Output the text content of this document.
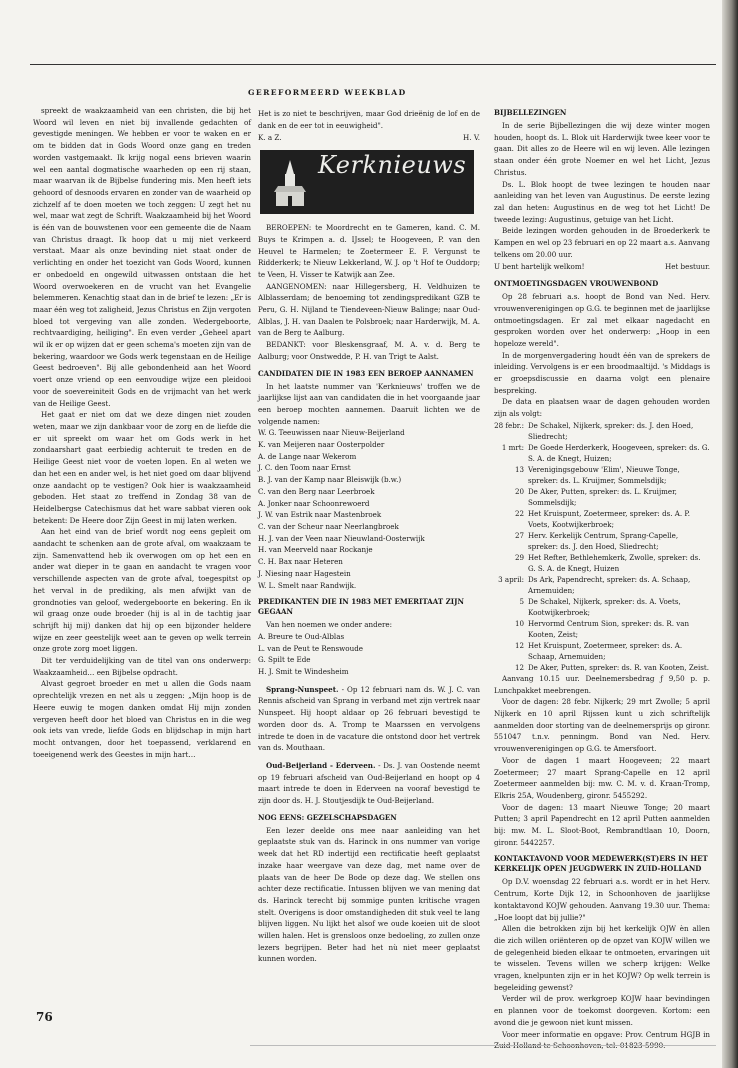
GEREFORMEERD WEEKBLAD

spreekt de waakzaamheid van een christen, die bij het Woord wil leven en niet bij invallende gedachten of gevestigde meningen. We hebben er voor te waken en er om te bidden dat in Gods Woord onze gang en treden worden vastgemaakt. Ik krijg nogal eens brieven waarin wel een aantal dogmatische waarheden op een rij staan, maar waarvan ik de Bijbelse fundering mis. Men heeft iets gehoord of desnoods ervaren en zonder van de waarheid op zichzelf af te doen moeten we toch zeggen: U zegt het nu wel, maar wat zegt de Schrift. Waakzaamheid bij het Woord is één van de bouwstenen voor een gemeente die de Naam van Christus draagt. Ik hoop dat u mij niet verkeerd verstaat. Maar als onze bevinding niet staat onder de verlichting en onder het toezicht van Gods Woord, kunnen er onbedoeld en ongewild uitwassen ontstaan die het Woord overwoekeren en de vrucht van het Evangelie belemmeren. Kenachtig staat dan in de brief te lezen: „Er is maar één weg tot zaligheid, Jezus Christus en Zijn vergoten bloed tot vergeving van alle zonden. Wedergeboorte, rechtvaardiging, heiliging". En even verder „Geheel apart wil ik er op wijzen dat er geen schema's moeten zijn van de bekering, waardoor we Gods werk tegenstaan en de Heilige Geest bedroeven". Bij alle gebondenheid aan het Woord voert onze vriend op een eenvoudige wijze een pleidooi voor de soevereiniteit Gods en de vrijmacht van het werk van de Heilige Geest.

Het gaat er niet om dat we deze dingen niet zouden weten, maar we zijn dankbaar voor de zorg en de liefde die er uit spreekt om waar het om Gods werk in het zondaarshart gaat eerbiedig achteruit te treden en de Heilige Geest niet voor de voeten lopen. En al weten we dan het een en ander wel, is het niet goed om daar blijvend onze aandacht op te vestigen? Ook hier is waakzaamheid geboden. Het staat zo treffend in Zondag 38 van de Heidelbergse Catechismus dat het ware sabbat vieren ook betekent: De Heere door Zijn Geest in mij laten werken.

Aan het eind van de brief wordt nog eens gepleit om aandacht te schenken aan de grote afval, om waakzaam te zijn. Samenvattend heb ik overwogen om op het een en ander wat dieper in te gaan en aandacht te vragen voor verschillende aspecten van de grote afval, toegespitst op het verval in de prediking, als men afwijkt van de grondnoties van geloof, wedergeboorte en bekering. En ik wil graag onze oude broeder (hij is al in de tachtig jaar schrijft hij mij) danken dat hij op een bijzonder heldere wijze en zeer geestelijk weet aan te geven op welk terrein onze grote zorg moet liggen.

Dit ter verduidelijking van de titel van ons onderwerp: Waakzaamheid… een Bijbelse opdracht.

Alvast gegroet broeder en met u allen die Gods naam oprechtelijk vrezen en net als u zeggen: „Mijn hoop is de Heere euwig te mogen danken omdat Hij mijn zonden vergeven heeft door het bloed van Christus en in die weg ook iets van vrede, liefde Gods en blijdschap in mijn hart mocht ontvangen, door het toepassend, verklarend en toeeigenend werk des Geestes in mijn hart…

Het is zo niet te beschrijven, maar God drieënig de lof en de dank en de eer tot in eeuwigheid".

K. a Z.	H. V.
Kerknieuws

BEROEPEN: te Moordrecht en te Gameren, kand. C. M. Buys te Krimpen a. d. IJssel; te Hoogeveen, P. van den Heuvel te Harmelen; te Zoetermeer E. F. Vergunst te Ridderkerk; te Nieuw Lekkerland, W. J. op 't Hof te Ouddorp; te Veen, H. Visser te Katwijk aan Zee.

AANGENOMEN: naar Hillegersberg, H. Veldhuizen te Alblasserdam; de benoeming tot zendingspredikant GZB te Peru, G. H. Nijland te Tiendeveen-Nieuw Balinge; naar Oud-Alblas, J. H. van Daalen te Polsbroek; naar Harderwijk, M. A. van de Berg te Aalburg.

BEDANKT: voor Bleskensgraaf, M. A. v. d. Berg te Aalburg; voor Onstwedde, P. H. van Trigt te Aalst.

CANDIDATEN DIE IN 1983 EEN BEROEP AANNAMEN

In het laatste nummer van 'Kerknieuws' troffen we de jaarlijkse lijst aan van candidaten die in het voorgaande jaar een beroep mochten aannemen. Daaruit lichten we de volgende namen:

W. G. Teeuwissen naar Nieuw-Beijerland

K. van Meijeren naar Oosterpolder

A. de Lange naar Wekerom

J. C. den Toom naar Ernst

B. J. van der Kamp naar Bleiswijk (b.w.)

C. van den Berg naar Leerbroek

A. Jonker naar Schoonrewoerd

J. W. van Estrik naar Mastenbroek

C. van der Scheur naar Neerlangbroek

H. J. van der Veen naar Nieuwland-Oosterwijk

H. van Meerveld naar Rockanje

C. H. Bax naar Heteren

J. Niesing naar Hagestein

W. L. Smelt naar Randwijk.

PREDIKANTEN DIE IN 1983 MET EMERITAAT ZIJN GEGAAN

Van hen noemen we onder andere:

A. Breure te Oud-Alblas

L. van de Peut te Renswoude

G. Spilt te Ede

H. J. Smit te Windesheim

Sprang-Nunspeet. - Op 12 februari nam ds. W. J. C. van Rennis afscheid van Sprang in verband met zijn vertrek naar Nunspeet. Hij hoopt aldaar op 26 februari bevestigd te worden door ds. A. Tromp te Maarssen en vervolgens intrede te doen in de vacature die ontstond door het vertrek van ds. Mouthaan.

Oud-Beijerland - Ederveen. - Ds. J. van Oostende neemt op 19 februari afscheid van Oud-Beijerland en hoopt op 4 maart intrede te doen in Ederveen na vooraf bevestigd te zijn door ds. H. J. Stoutjesdijk te Oud-Beijerland.

NOG EENS: GEZELSCHAPSDAGEN

Een lezer deelde ons mee naar aanleiding van het geplaatste stuk van ds. Harinck in ons nummer van vorige week dat het RD indertijd een rectificatie heeft geplaatst inzake haar weergave van deze dag, met name over de plaats van de heer De Bode op deze dag. We stellen ons achter deze rectificatie. Intussen blijven we van mening dat ds. Harinck terecht bij sommige punten kritische vragen stelt. Overigens is door omstandigheden dit stuk veel te lang blijven liggen. Nu lijkt het alsof we oude koeien uit de sloot willen halen. Het is grensloos onze bedoeling, zo zullen onze lezers begrijpen. Beter had het nù niet meer geplaatst kunnen worden.

BIJBELLEZINGEN

In de serie Bijbellezingen die wij deze winter mogen houden, hoopt ds. L. Blok uit Harderwijk twee keer voor te gaan. Dit alles zo de Heere wil en wij leven. Alle lezingen staan onder één grote Noemer en wel het Licht, Jezus Christus.

Ds. L. Blok hoopt de twee lezingen te houden naar aanleiding van het leven van Augustinus. De eerste lezing zal dan heten: Augustinus en de weg tot het Licht! De tweede lezing: Augustinus, getuige van het Licht.

Beide lezingen worden gehouden in de Broederkerk te Kampen en wel op 23 februari en op 22 maart a.s. Aanvang telkens om 20.00 uur.

U bent hartelijk welkom!	Het bestuur.
ONTMOETINGSDAGEN VROUWENBOND

Op 28 februari a.s. hoopt de Bond van Ned. Herv. vrouwenverenigingen op G.G. te beginnen met de jaarlijkse ontmoetingsdagen. Er zal met elkaar nagedacht en gesproken worden over het onderwerp: „Hoop in een hopeloze wereld".

In de morgenvergadering houdt één van de sprekers de inleiding. Vervolgens is er een broodmaaltijd. 's Middags is er groepsdiscussie en daarna volgt een plenaire bespreking.

De data en plaatsen waar de dagen gehouden worden zijn als volgt:

28 febr.: De Schakel, Nijkerk, spreker: ds. J. den Hoed, Sliedrecht;
1 mrt: De Goede Herderkerk, Hoogeveen, spreker: ds. G. S. A. de Knegt, Huizen;
13 Verenigingsgebouw 'Elim', Nieuwe Tonge, spreker: ds. L. Kruijmer, Sommelsdijk;
20 De Aker, Putten, spreker: ds. L. Kruijmer, Sommelsdijk;
22 Het Kruispunt, Zoetermeer, spreker: ds. A. P. Voets, Kootwijkerbroek;
27 Herv. Kerkelijk Centrum, Sprang-Capelle, spreker: ds. J. den Hoed, Sliedrecht;
29 Het Refter, Bethlehemkerk, Zwolle, spreker: ds. G. S. A. de Knegt, Huizen
3 april: Ds Ark, Papendrecht, spreker: ds. A. Schaap, Arnemuiden;
5 De Schakel, Nijkerk, spreker: ds. A. Voets, Kootwijkerbroek;
10 Hervormd Centrum Sion, spreker: ds. R. van Kooten, Zeist;
12 Het Kruispunt, Zoetermeer, spreker: ds. A. Schaap, Arnemuiden;
12 De Aker, Putten, spreker: ds. R. van Kooten, Zeist.

Aanvang 10.15 uur. Deelnemersbedrag ƒ 9,50 p. p. Lunchpakket meebrengen.

Voor de dagen: 28 febr. Nijkerk; 29 mrt Zwolle; 5 april Nijkerk en 10 april Rijssen kunt u zich schriftelijk aanmelden door storting van de deelnemersprijs op gironr. 551047 t.n.v. penningm. Bond van Ned. Herv. vrouwenverenigingen op G.G. te Amersfoort.

Voor de dagen 1 maart Hoogeveen; 22 maart Zoetermeer; 27 maart Sprang-Capelle en 12 april Zoetermeer aanmelden bij: mw. C. M. v. d. Kraan-Tromp, Elkris 25A, Woudenberg, gironr. 5455292.

Voor de dagen: 13 maart Nieuwe Tonge; 20 maart Putten; 3 april Papendrecht en 12 april Putten aanmelden bij: mw. M. L. Sloot-Boot, Rembrandtlaan 10, Doorn, gironr. 5442257.

KONTAKTAVOND VOOR MEDEWERK(ST)ERS IN HET KERKELIJK OPEN JEUGDWERK IN ZUID-HOLLAND

Op D.V. woensdag 22 februari a.s. wordt er in het Herv. Centrum, Korte Dijk 12, in Schoonhoven de jaarlijkse kontaktavond KOJW gehouden. Aanvang 19.30 uur. Thema: „Hoe loopt dat bij jullie?"

Allen die betrokken zijn bij het kerkelijk OJW èn allen die zich willen oriënteren op de opzet van KOJW willen we de gelegenheid bieden elkaar te ontmoeten, ervaringen uit te wisselen. Tevens willen we scherp krijgen: Welke vragen, knelpunten zijn er in het KOJW? Op welk terrein is begeleiding gewenst?

Verder wil de prov. werkgroep KOJW haar bevindingen en plannen voor de toekomst doorgeven. Kortom: een avond die je gewoon niet kunt missen.

Voor meer informatie en opgave: Prov. Centrum HGJB in

76
